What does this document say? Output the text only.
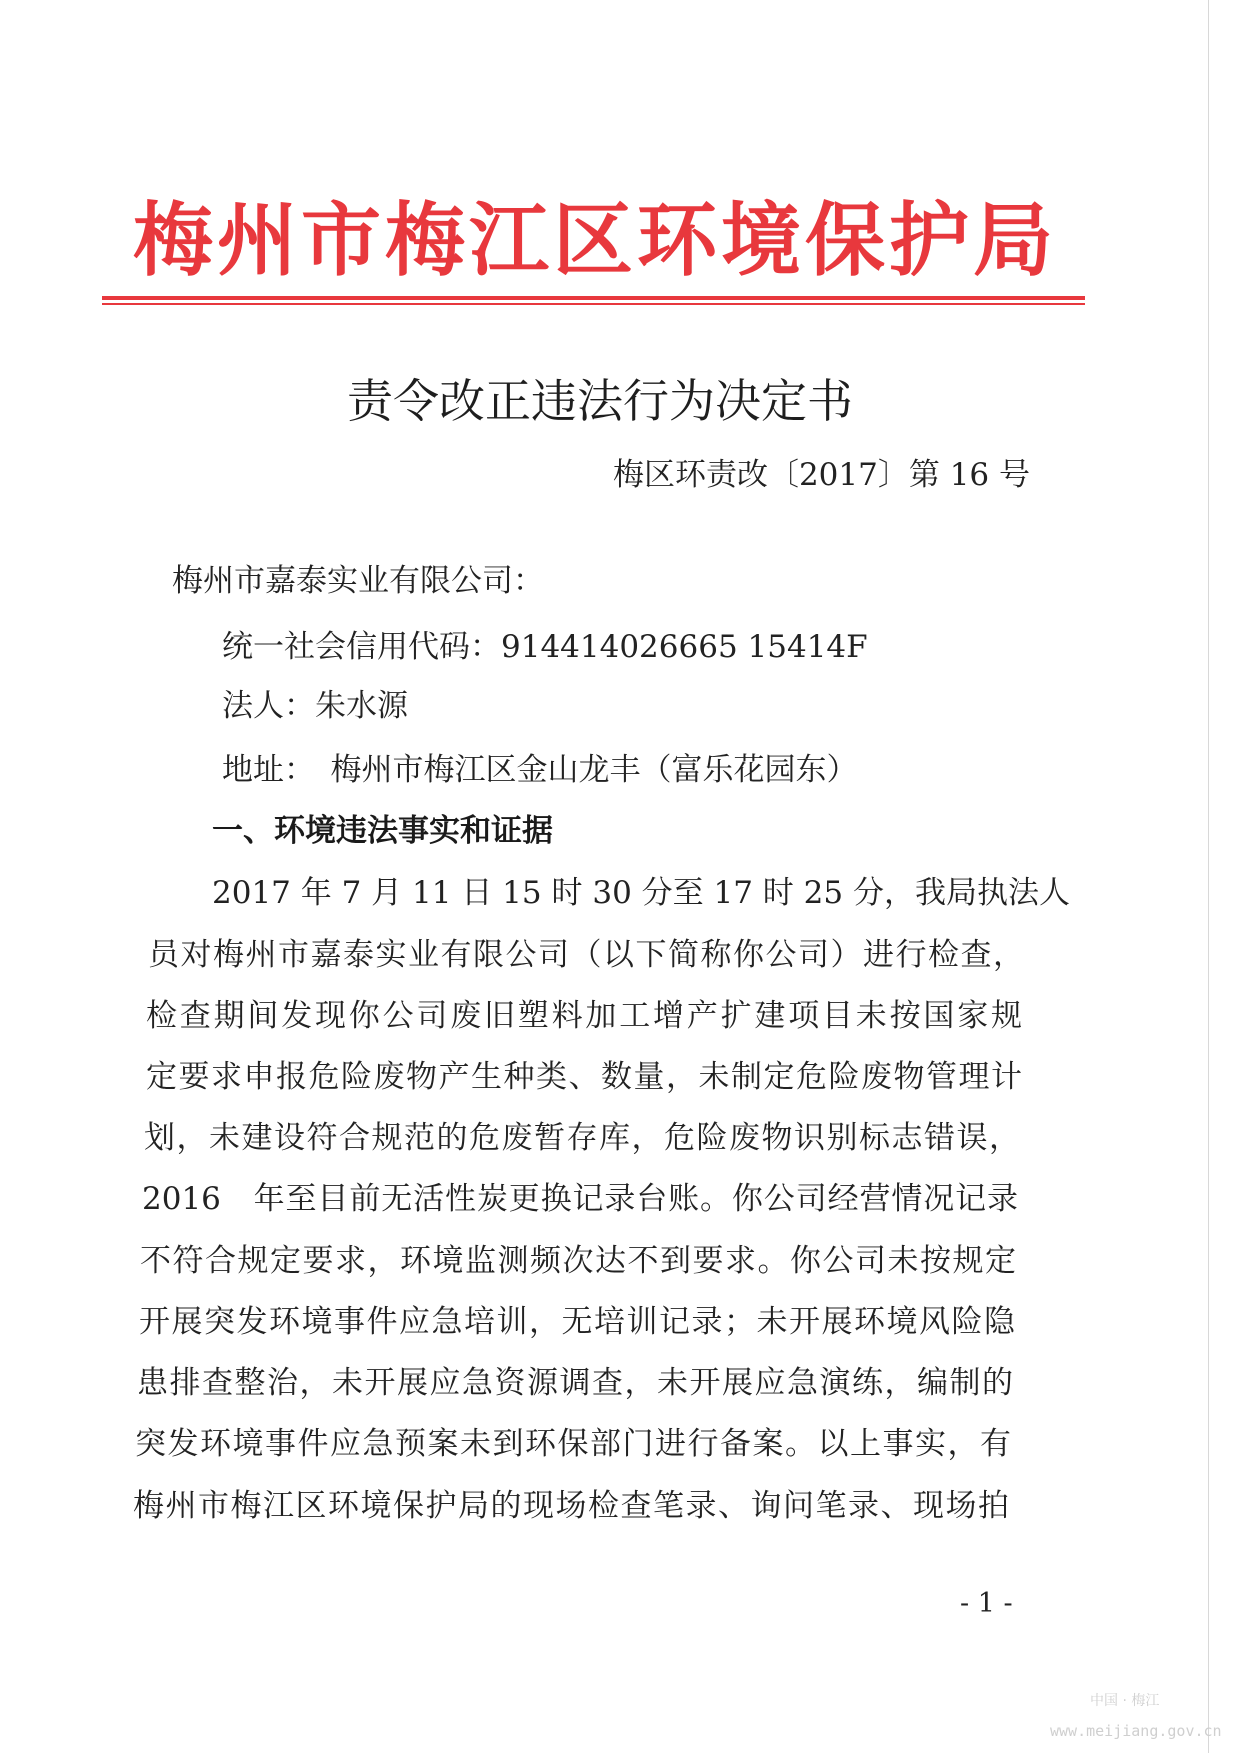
梅州市梅江区环境保护局
责令改正违法行为决定书
梅区环责改〔2017〕第 16 号
梅州市嘉泰实业有限公司：
统一社会信用代码：914414026665 15414F
法人：朱水源
地址：　梅州市梅江区金山龙丰（富乐花园东）
一、环境违法事实和证据
2017 年 7 月 11 日 15 时 30 分至 17 时 25 分，我局执法人
员对梅州市嘉泰实业有限公司（以下简称你公司）进行检查，
检查期间发现你公司废旧塑料加工增产扩建项目未按国家规
定要求申报危险废物产生种类、数量，未制定危险废物管理计
划，未建设符合规范的危废暂存库，危险废物识别标志错误，
2016　年至目前无活性炭更换记录台账。你公司经营情况记录
不符合规定要求，环境监测频次达不到要求。你公司未按规定
开展突发环境事件应急培训，无培训记录；未开展环境风险隐
患排查整治，未开展应急资源调查，未开展应急演练，编制的
突发环境事件应急预案未到环保部门进行备案。以上事实，有
梅州市梅江区环境保护局的现场检查笔录、询问笔录、现场拍
- 1 -
中国 · 梅江
www.meijiang.gov.cn
